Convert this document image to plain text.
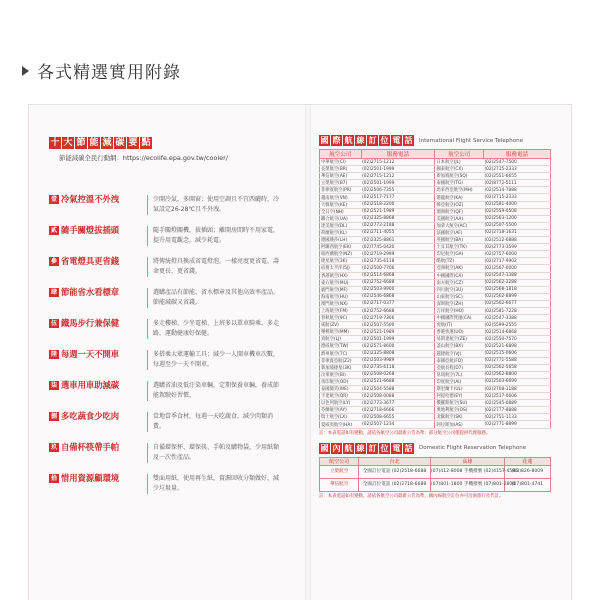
各式精選實用附錄
十 大 節 能 減 碳 要 點
節能減碳全民行動網：https://ecolife.epa.gov.tw/cooler/
壹 冷氣控溫不外洩	少開冷氣，多開窗；使用空調且不宜西曬時，冷氣設定26-28℃且不外洩。
貳 隨手關燈拔插頭	隨手關燈關機，拔插頭；離開房間時不用家電，提升用電觀念，減少耗電。
參 省電燈具更省錢	將傳統燈具換成省電燈泡，一樣亮度更省電，壽命更長、更省錢。
肆 節能省水看標章	選購產品有節能、省水標章及其他高效率產品，節能減碳又省錢。
伍 鐵馬步行兼保健	多走樓梯、少坐電梯、上班多以單車騎乘、多走路，運動健康好保健。
陸 每週一天不開車	多搭乘大眾運輸工具；減少一人開車機車次數，每週至少一天不開車。
柒 選車用車助減碳	選購省油及低汙染車輛，定期保養車輛，養成節能駕駛好習慣。
捌 多吃蔬食少吃肉	當地當季食材，每週一天吃蔬食，減少肉類消費。
玖 自備杯筷帶手帕	自備環保杯、環保筷、手帕及購物袋，少用紙類及一次性產品。
拾 惜用資源顧環境	雙面用紙，使用再生紙，資源回收分類做好，減少垃圾量。
國 際 航 線 訂 位 電 話 International Flight Service Telephone
航空公司	服務電話	航空公司	服務電話
中華航空(CI)	(02)2715-1212	日本航空(JL)	(02)2547-7500
長榮航空(BR)	(02)2501-1999	國泰航空(CX)	(02)2715-2333
華信航空(AE)	(02)2715-1212	新加坡航空(SQ)	(02)2551-6655
立榮航空(B7)	(02)2501-1999	泰國航空(TG)	(02)8772-5111
菲律賓航空(PR)	(02)2506-7255	馬來西亞航空(MH)	(02)2514-7888
越南航空(VN)	(02)2517-7177	港龍航空(KA)	(02)2715-2333
大韓航空(KE)	(02)2518-2200	韓亞航空(OZ)	(02)2581-4000
全日空(NH)	(02)2521-1989	澳洲航空(QF)	(02)2559-0508
聯合航空(UA)	(02)2325-8868	美國航空(AA)	(02)2563-1200
達美航空(DL)	(02)2772-2188	加拿大航空(AC)	(02)2507-5500
荷蘭航空(KL)	(02)2711-4055	法國航空(AF)	(02)2718-1631
德國漢莎(LH)	(02)2325-8861	英國航空(BA)	(02)2512-6888
阿聯酋航空(EK)	(02)7745-0420	土耳其航空(TK)	(02)2773-3599
紐西蘭航空(NZ)	(02)2719-2999	印尼航空(GA)	(02)2757-6000
捷星航空(3K)	(02)2735-6118	酷航(TZ)	(02)2717-9902
宿務太平洋(5J)	(02)2500-7706	亞洲航空(AK)	(02)2567-0000
香港航空(HX)	(02)2514-6868	中國國際(CA)	(02)2547-3388
東方航空(MU)	(02)2752-6688	南方航空(CZ)	(02)2562-2288
廈門航空(MF)	(02)2503-9900	四川航空(3U)	(02)2568-1818
海南航空(HU)	(02)2546-6868	山東航空(SC)	(02)2562-8899
澳門航空(NX)	(02)2717-0377	深圳航空(ZH)	(02)2502-6677
上海航空(FM)	(02)2752-6688	吉祥航空(HO)	(02)2581-7228
春秋航空(9C)	(02)2719-7366	中國國際貨運(CA)	(02)2547-3388
威航(ZV)	(02)2507-5500	虎航(IT)	(02)5599-2555
樂桃航空(MM)	(02)2521-1989	香港快運(UO)	(02)2514-6868
真航空(LJ)	(02)2501-1999	易斯達航空(ZE)	(02)2550-7570
德威航空(TW)	(02)2571-8600	釜山航空(BX)	(02)2521-6898
濟州航空(7C)	(02)2325-8808	越捷航空(VJ)	(02)2515-0606
菲律賓亞航(Z2)	(02)2503-9989	泰國亞航(FD)	(02)2771-5588
新加坡捷星(3K)	(02)2735-6118	亞航長程(D7)	(02)2562-5658
汶萊航空(BI)	(02)2508-0268	帛琉航空(7L)	(02)2562-8800
馬印航空(OD)	(02)2521-6688	印度航空(AI)	(02)2503-6699
泰國微笑(WE)	(02)2504-5588	斯里蘭卡(UL)	(02)2708-1188
卡達航空(QR)	(02)2508-0088	阿提哈德(EY)	(02)2517-0606
以色列航空(LY)	(02)2773-3677	俄羅斯航空(SU)	(02)2545-0889
芬蘭航空(AY)	(02)2718-6666	奧地利航空(OS)	(02)2777-8888
瑞士航空(LX)	(02)2508-6655	北歐航空(SK)	(02)2751-1133
夏威夷航空(HA)	(02)2507-1234	阿拉斯加(AS)	(02)2771-8899
註：本表電話如有變動，請依各航空公司最新公告為準；部分航空公司僅提供代理服務。
國 內 航 線 訂 位 電 話 Domestic Flight Reservation Telephone
航空公司	台北	高雄	花蓮
立榮航空	全國訂位電話 (02)2518-6688	(07)412-8008 手機撥號 (02)4157-4596	(03)826-8009
華信航空	全國訂位電話 (02)2718-6688	(07)801-1800 手機撥號 (07)801-2800	(07)801-4741
註：本表電話如有變動，請依各航空公司最新公告為準，國內線航空訂位亦可洽詢旅行社代訂。
